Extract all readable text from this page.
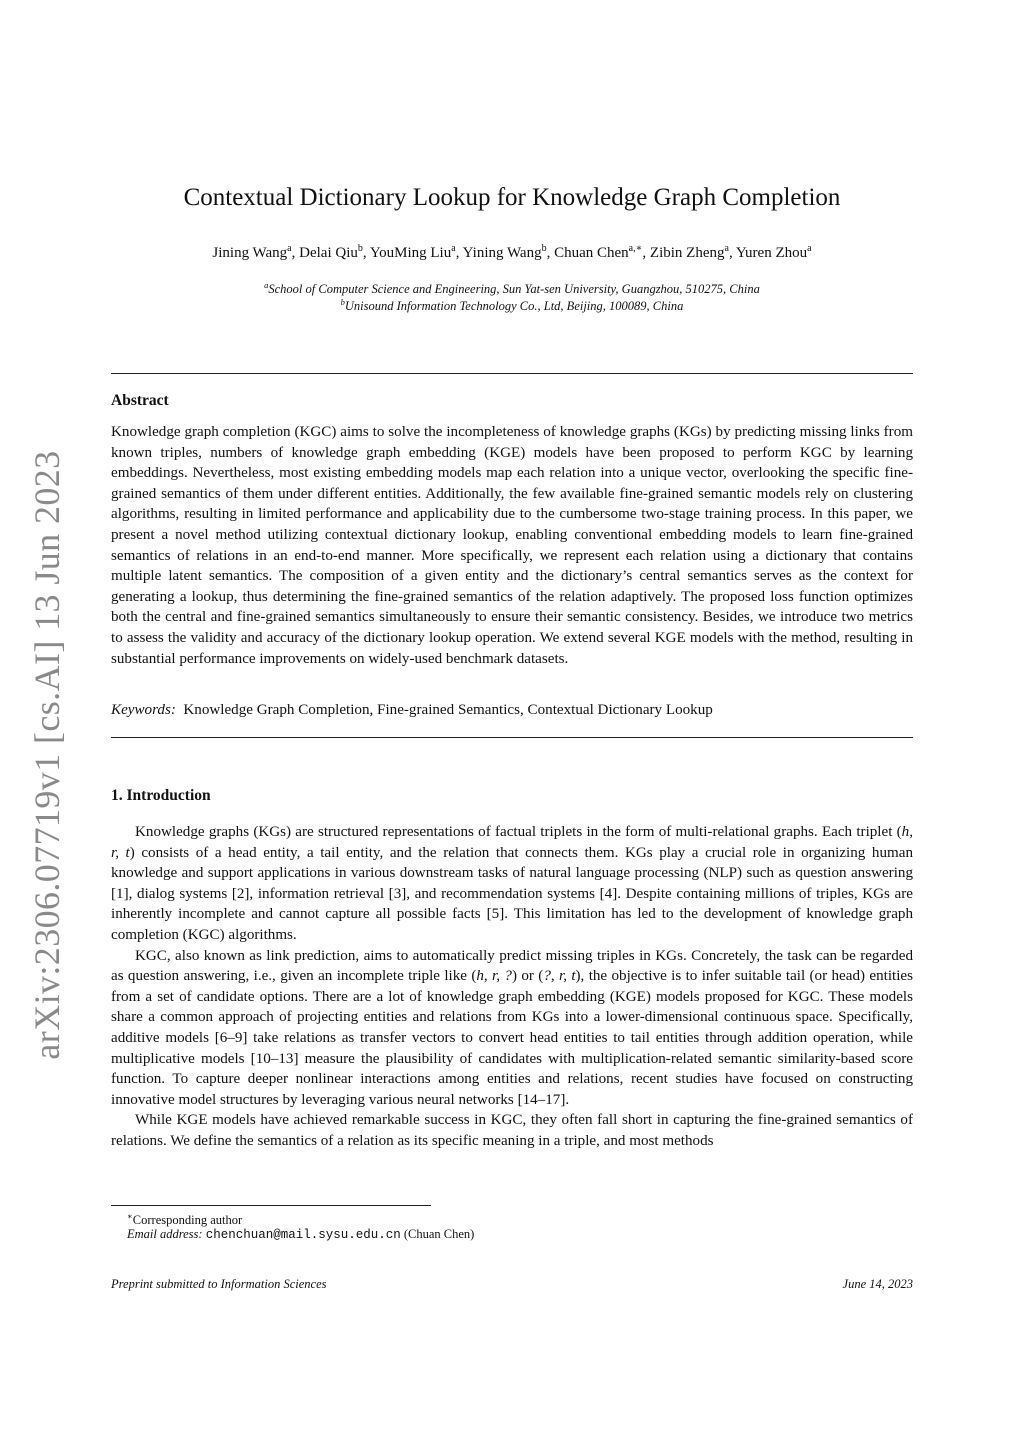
arXiv:2306.07719v1 [cs.AI] 13 Jun 2023
Contextual Dictionary Lookup for Knowledge Graph Completion
Jining Wang$^a$, Delai Qiu$^b$, YouMing Liu$^a$, Yining Wang$^b$, Chuan Chen$^{a,∗}$, Zibin Zheng$^a$, Yuren Zhou$^a$
$^a$School of Computer Science and Engineering, Sun Yat-sen University, Guangzhou, 510275, China
$^b$Unisound Information Technology Co., Ltd, Beijing, 100089, China
Abstract
Knowledge graph completion (KGC) aims to solve the incompleteness of knowledge graphs (KGs) by predicting missing links from known triples, numbers of knowledge graph embedding (KGE) models have been proposed to perform KGC by learning embeddings. Nevertheless, most existing embedding models map each relation into a unique vector, overlooking the specific fine-grained semantics of them under different entities. Additionally, the few available fine-grained semantic models rely on clustering algorithms, resulting in limited performance and applicability due to the cumbersome two-stage training process. In this paper, we present a novel method utilizing contextual dictionary lookup, enabling conventional embedding models to learn fine-grained semantics of relations in an end-to-end manner. More specifically, we represent each relation using a dictionary that contains multiple latent semantics. The composition of a given entity and the dictionary’s central semantics serves as the context for generating a lookup, thus determining the fine-grained semantics of the relation adaptively. The proposed loss function optimizes both the central and fine-grained semantics simultaneously to ensure their semantic consistency. Besides, we introduce two metrics to assess the validity and accuracy of the dictionary lookup operation. We extend several KGE models with the method, resulting in substantial performance improvements on widely-used benchmark datasets.
Keywords: Knowledge Graph Completion, Fine-grained Semantics, Contextual Dictionary Lookup
1. Introduction

Knowledge graphs (KGs) are structured representations of factual triplets in the form of multi-relational graphs. Each triplet (h, r, t) consists of a head entity, a tail entity, and the relation that connects them. KGs play a crucial role in organizing human knowledge and support applications in various downstream tasks of natural language processing (NLP) such as question answering [1], dialog systems [2], information retrieval [3], and recommendation systems [4]. Despite containing millions of triples, KGs are inherently incomplete and cannot capture all possible facts [5]. This limitation has led to the development of knowledge graph completion (KGC) algorithms.

KGC, also known as link prediction, aims to automatically predict missing triples in KGs. Concretely, the task can be regarded as question answering, i.e., given an incomplete triple like (h, r, ?) or (?, r, t), the objective is to infer suitable tail (or head) entities from a set of candidate options. There are a lot of knowledge graph embedding (KGE) models proposed for KGC. These models share a common approach of projecting entities and relations from KGs into a lower-dimensional continuous space. Specifically, additive models [6–9] take relations as transfer vectors to convert head entities to tail entities through addition operation, while multiplicative models [10–13] measure the plausibility of candidates with multiplication-related semantic similarity-based score function. To capture deeper nonlinear interactions among entities and relations, recent studies have focused on constructing innovative model structures by leveraging various neural networks [14–17].

While KGE models have achieved remarkable success in KGC, they often fall short in capturing the fine-grained semantics of relations. We define the semantics of a relation as its specific meaning in a triple, and most methods

∗Corresponding author
Email address: chenchuan@mail.sysu.edu.cn (Chuan Chen)
Preprint submitted to Information Sciences	June 14, 2023
